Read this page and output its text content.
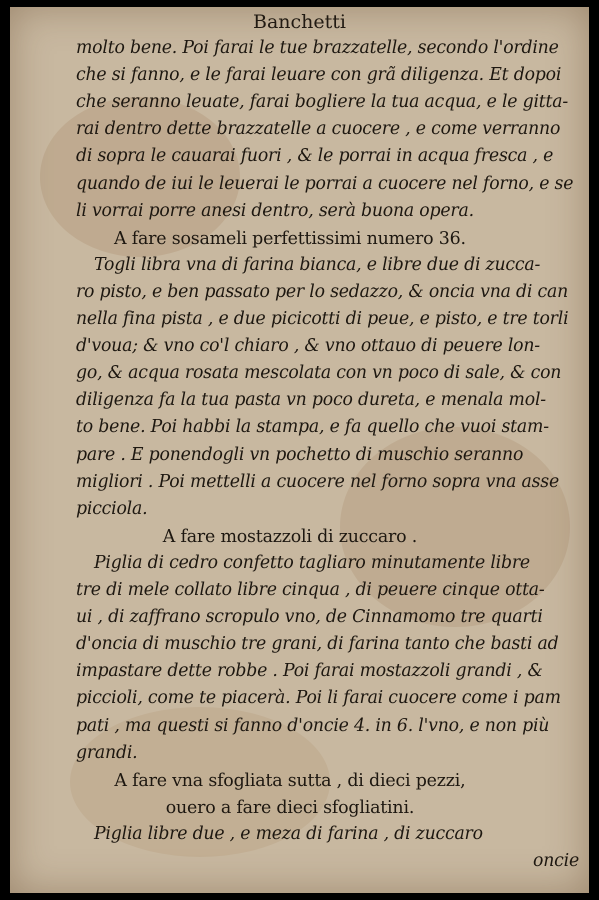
Banchetti
molto bene. Poi farai le tue brazzatelle, secondo l'ordine
che si fanno, e le farai leuare con grã diligenza. Et dopoi
che seranno leuate, farai bogliere la tua acqua, e le gitta-
rai dentro dette brazzatelle a cuocere , e come verranno
di sopra le cauarai fuori , & le porrai in acqua fresca , e
quando de iui le leuerai le porrai a cuocere nel forno, e se
li vorrai porre anesi dentro, serà buona opera.
A fare sosameli perfettissimi numero 36.
Togli libra vna di farina bianca, e libre due di zucca-
ro pisto, e ben passato per lo sedazzo, & oncia vna di can
nella fina pista , e due picicotti di peue, e pisto, e tre torli
d'voua; & vno co'l chiaro , & vno ottauo di peuere lon-
go, & acqua rosata mescolata con vn poco di sale, & con
diligenza fa la tua pasta vn poco dureta, e menala mol-
to bene. Poi habbi la stampa, e fa quello che vuoi stam-
pare . E ponendogli vn pochetto di muschio seranno
migliori . Poi mettelli a cuocere nel forno sopra vna asse
picciola.
A fare mostazzoli di zuccaro .
Piglia di cedro confetto tagliaro minutamente libre
tre di mele collato libre cinqua , di peuere cinque otta-
ui , di zaffrano scropulo vno, de Cinnamomo tre quarti
d'oncia di muschio tre grani, di farina tanto che basti ad
impastare dette robbe . Poi farai mostazzoli grandi , &
piccioli, come te piacerà. Poi li farai cuocere come i pam
pati , ma questi si fanno d'oncie 4. in 6. l'vno, e non più
grandi.
A fare vna sfogliata sutta , di dieci pezzi,
ouero a fare dieci sfogliatini.
Piglia libre due , e meza di farina , di zuccaro
oncie
